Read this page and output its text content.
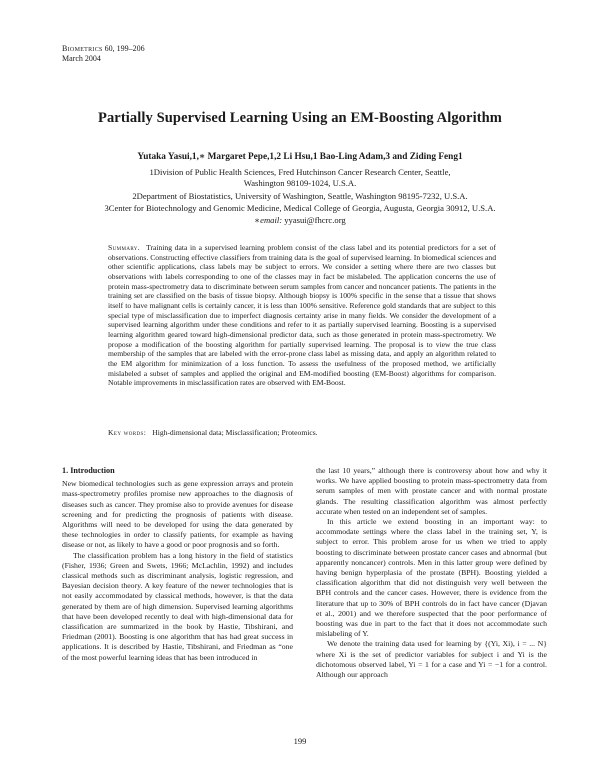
Biometrics 60, 199–206
March 2004
Partially Supervised Learning Using an EM-Boosting Algorithm
Yutaka Yasui,1,∗ Margaret Pepe,1,2 Li Hsu,1 Bao-Ling Adam,3 and Ziding Feng1
1Division of Public Health Sciences, Fred Hutchinson Cancer Research Center, Seattle,
Washington 98109-1024, U.S.A.
2Department of Biostatistics, University of Washington, Seattle, Washington 98195-7232, U.S.A.
3Center for Biotechnology and Genomic Medicine, Medical College of Georgia, Augusta, Georgia 30912, U.S.A.
∗email: yyasui@fhcrc.org
Summary. Training data in a supervised learning problem consist of the class label and its potential predictors for a set of observations. Constructing effective classifiers from training data is the goal of supervised learning. In biomedical sciences and other scientific applications, class labels may be subject to errors. We consider a setting where there are two classes but observations with labels corresponding to one of the classes may in fact be mislabeled. The application concerns the use of protein mass-spectrometry data to discriminate between serum samples from cancer and noncancer patients. The patients in the training set are classified on the basis of tissue biopsy. Although biopsy is 100% specific in the sense that a tissue that shows itself to have malignant cells is certainly cancer, it is less than 100% sensitive. Reference gold standards that are subject to this special type of misclassification due to imperfect diagnosis certainty arise in many fields. We consider the development of a supervised learning algorithm under these conditions and refer to it as partially supervised learning. Boosting is a supervised learning algorithm geared toward high-dimensional predictor data, such as those generated in protein mass-spectrometry. We propose a modification of the boosting algorithm for partially supervised learning. The proposal is to view the true class membership of the samples that are labeled with the error-prone class label as missing data, and apply an algorithm related to the EM algorithm for minimization of a loss function. To assess the usefulness of the proposed method, we artificially mislabeled a subset of samples and applied the original and EM-modified boosting (EM-Boost) algorithms for comparison. Notable improvements in misclassification rates are observed with EM-Boost.
Key words: High-dimensional data; Misclassification; Proteomics.
1. Introduction

New biomedical technologies such as gene expression arrays and protein mass-spectrometry profiles promise new approaches to the diagnosis of diseases such as cancer. They promise also to provide avenues for disease screening and for predicting the prognosis of patients with disease. Algorithms will need to be developed for using the data generated by these technologies in order to classify patients, for example as having disease or not, as likely to have a good or poor prognosis and so forth.

The classification problem has a long history in the field of statistics (Fisher, 1936; Green and Swets, 1966; McLachlin, 1992) and includes classical methods such as discriminant analysis, logistic regression, and Bayesian decision theory. A key feature of the newer technologies that is not easily accommodated by classical methods, however, is that the data generated by them are of high dimension. Supervised learning algorithms that have been developed recently to deal with high-dimensional data for classification are summarized in the book by Hastie, Tibshirani, and Friedman (2001). Boosting is one algorithm that has had great success in applications. It is described by Hastie, Tibshirani, and Friedman as “one of the most powerful learning ideas that has been introduced in

the last 10 years,” although there is controversy about how and why it works. We have applied boosting to protein mass-spectrometry data from serum samples of men with prostate cancer and with normal prostate glands. The resulting classification algorithm was almost perfectly accurate when tested on an independent set of samples.

In this article we extend boosting in an important way: to accommodate settings where the class label in the training set, Y, is subject to error. This problem arose for us when we tried to apply boosting to discriminate between prostate cancer cases and abnormal (but apparently noncancer) controls. Men in this latter group were defined by having benign hyperplasia of the prostate (BPH). Boosting yielded a classification algorithm that did not distinguish very well between the BPH controls and the cancer cases. However, there is evidence from the literature that up to 30% of BPH controls do in fact have cancer (Djavan et al., 2001) and we therefore suspected that the poor performance of boosting was due in part to the fact that it does not accommodate such mislabeling of Y.

We denote the training data used for learning by {(Yi, Xi), i = ... N} where Xi is the set of predictor variables for subject i and Yi is the dichotomous observed label, Yi = 1 for a case and Yi = −1 for a control. Although our approach

199
